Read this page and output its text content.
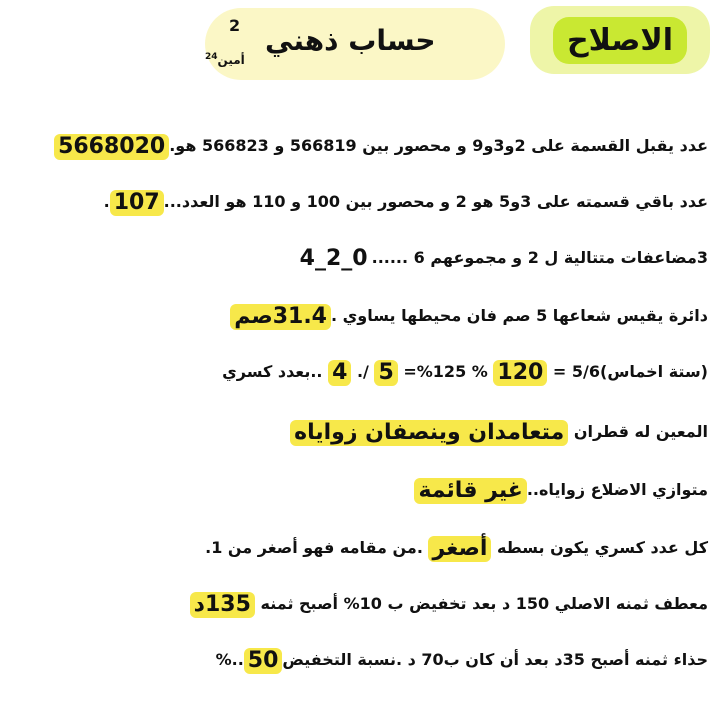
الاصلاح
2 حساب ذهني
أمين$^{24}$
عدد يقبل القسمة على 2و3و9 و محصور بين 566819 و 566823 هو.5668020
عدد باقي قسمته على 3و5 هو 2 و محصور بين 100 و 110 هو العدد...107.
3مضاعفات متتالية ل 2 و مجموعهم 6 ......4_2_0
دائرة يقيس شعاعها 5 صم فان محيطها يساوي .31.4صم
(ستة اخماس)5/6 = 120 % 125%= 5 /. 4 ..بعدد كسري
المعين له قطران متعامدان وينصفان زواياه
متوازي الاضلاع زواياه..غير قائمة
كل عدد كسري يكون بسطه أصغر .من مقامه فهو أصغر من 1.
معطف ثمنه الاصلي 150 د بعد تخفيض ب 10% أصبح ثمنه 135د
حذاء ثمنه أصبح 35د بعد أن كان ب70 د .نسبة التخفيض50..%
